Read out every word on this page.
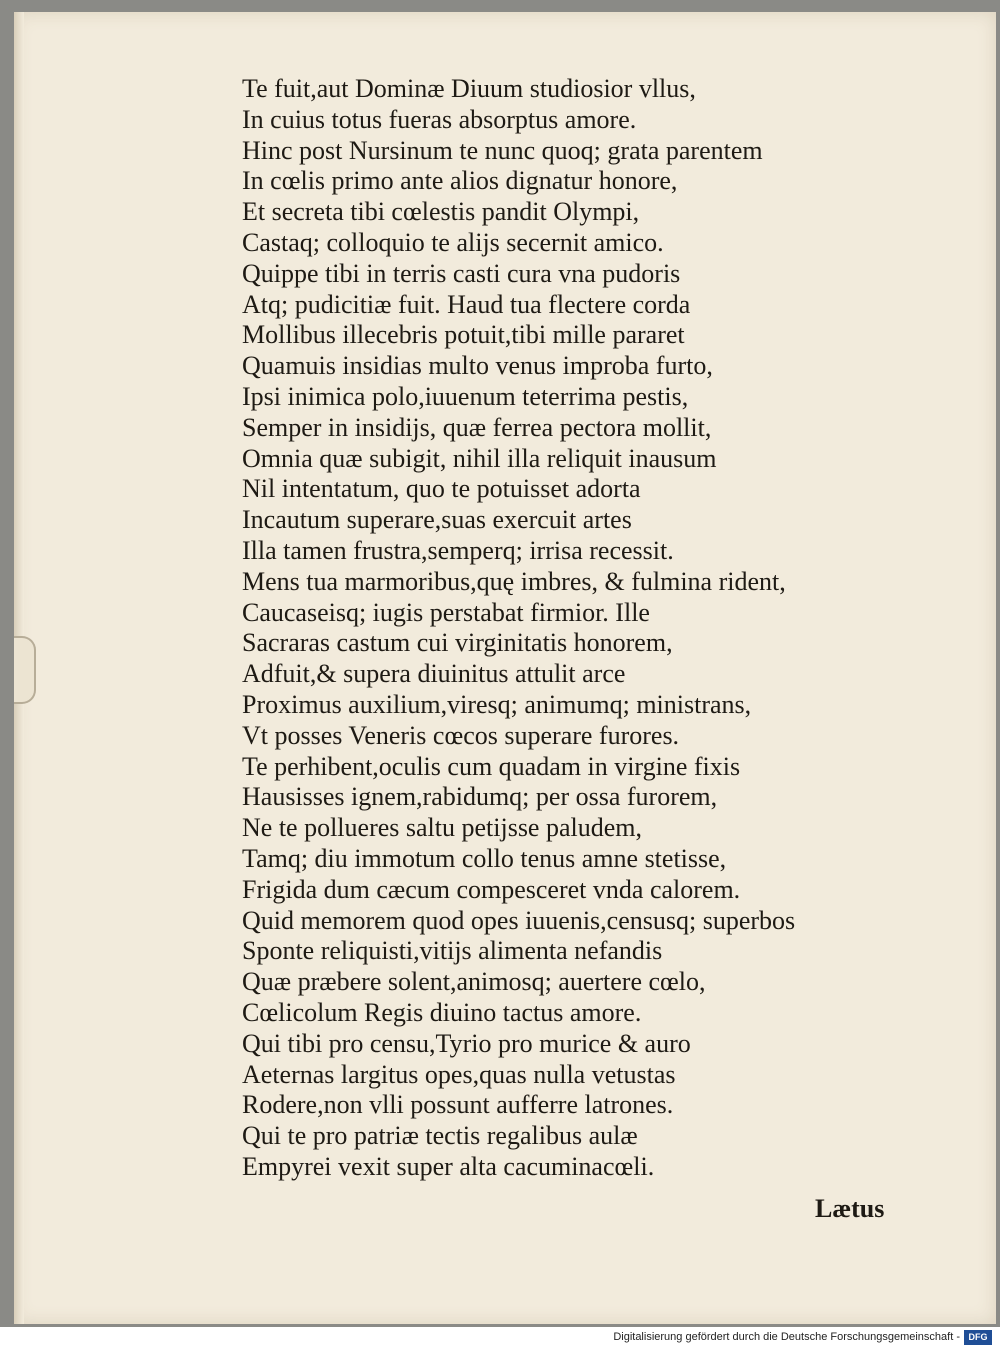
Te fuit,aut Dominæ Diuum studiosior vllus,
In cuius totus fueras absorptus amore.
Hinc post Nursinum te nunc quoq; grata parentem
In cœlis primo ante alios dignatur honore,
Et secreta tibi cœlestis pandit Olympi,
Castaq; colloquio te alijs secernit amico.
Quippe tibi in terris casti cura vna pudoris
Atq; pudicitiæ fuit. Haud tua flectere corda
Mollibus illecebris potuit,tibi mille pararet
Quamuis insidias multo venus improba furto,
Ipsi inimica polo,iuuenum teterrima pestis,
Semper in insidijs, quæ ferrea pectora mollit,
Omnia quæ subigit, nihil illa reliquit inausum
Nil intentatum, quo te potuisset adorta
Incautum superare,suas exercuit artes
Illa tamen frustra,semperq; irrisa recessit.
Mens tua marmoribus,quę imbres, & fulmina rident,
Caucaseisq; iugis perstabat firmior. Ille
Sacraras castum cui virginitatis honorem,
Adfuit,& supera diuinitus attulit arce
Proximus auxilium,viresq; animumq; ministrans,
Vt posses Veneris cœcos superare furores.
Te perhibent,oculis cum quadam in virgine fixis
Hausisses ignem,rabidumq; per ossa furorem,
Ne te pollueres saltu petijsse paludem,
Tamq; diu immotum collo tenus amne stetisse,
Frigida dum cæcum compesceret vnda calorem.
Quid memorem quod opes iuuenis,censusq; superbos
Sponte reliquisti,vitijs alimenta nefandis
Quæ præbere solent,animosq; auertere cœlo,
Cœlicolum Regis diuino tactus amore.
Qui tibi pro censu,Tyrio pro murice & auro
Aeternas largitus opes,quas nulla vetustas
Rodere,non vlli possunt aufferre latrones.
Qui te pro patriæ tectis regalibus aulæ
Empyrei vexit super alta cacuminacœli.
Lætus
Digitalisierung gefördert durch die Deutsche Forschungsgemeinschaft - DFG
